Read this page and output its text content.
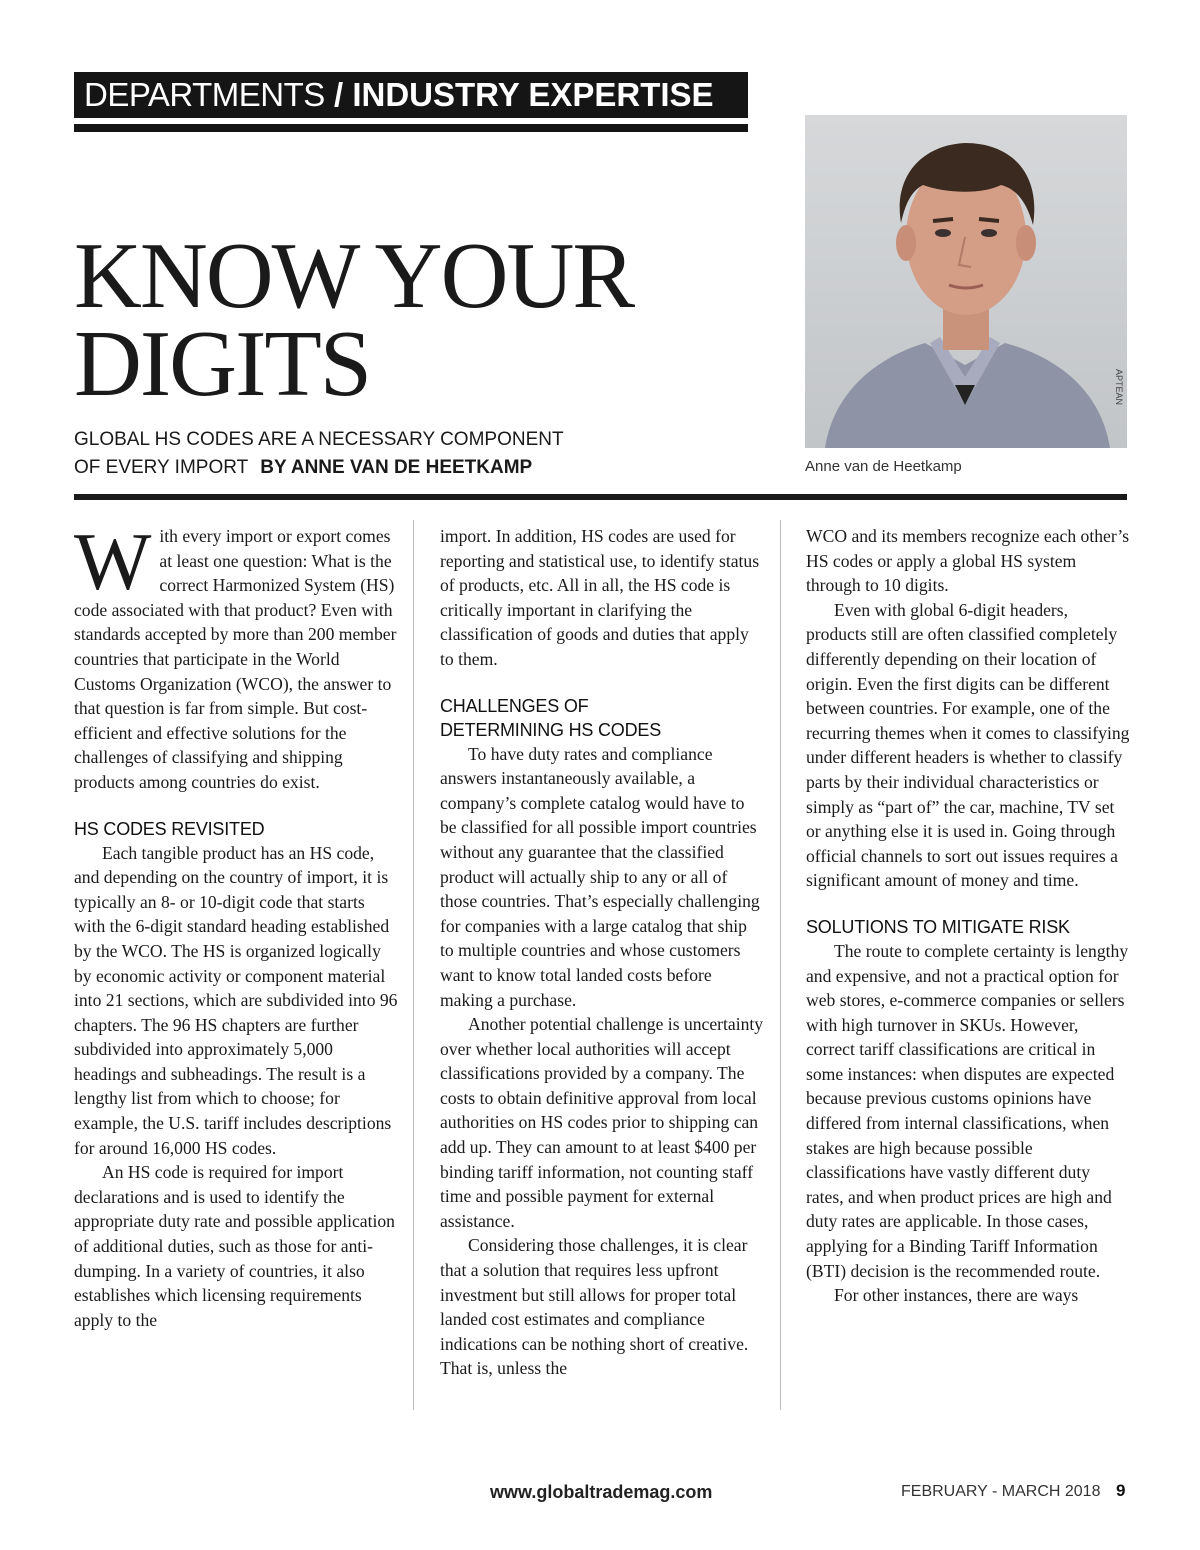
DEPARTMENTS / INDUSTRY EXPERTISE
KNOW YOUR
DIGITS
GLOBAL HS CODES ARE A NECESSARY COMPONENT
OF EVERY IMPORT BY ANNE VAN DE HEETKAMP
APTEAN
Anne van de Heetkamp

With every import or export comes at least one question: What is the correct Harmonized System (HS) code associated with that product? Even with standards accepted by more than 200 member countries that participate in the World Customs Organization (WCO), the answer to that question is far from simple. But cost-efficient and effective solutions for the challenges of classifying and shipping products among countries do exist.

HS CODES REVISITED

Each tangible product has an HS code, and depending on the country of import, it is typically an 8- or 10-digit code that starts with the 6-digit standard heading established by the WCO. The HS is organized logically by economic activity or component material into 21 sections, which are subdivided into 96 chapters. The 96 HS chapters are further subdivided into approximately 5,000 headings and subheadings. The result is a lengthy list from which to choose; for example, the U.S. tariff includes descriptions for around 16,000 HS codes.

An HS code is required for import declarations and is used to identify the appropriate duty rate and possible application of additional duties, such as those for anti-dumping. In a variety of countries, it also establishes which licensing requirements apply to the

import. In addition, HS codes are used for reporting and statistical use, to identify status of products, etc. All in all, the HS code is critically important in clarifying the classification of goods and duties that apply to them.

CHALLENGES OF DETERMINING HS CODES

To have duty rates and compliance answers instantaneously available, a company’s complete catalog would have to be classified for all possible import countries without any guarantee that the classified product will actually ship to any or all of those countries. That’s especially challenging for companies with a large catalog that ship to multiple countries and whose customers want to know total landed costs before making a purchase.

Another potential challenge is uncertainty over whether local authorities will accept classifications provided by a company. The costs to obtain definitive approval from local authorities on HS codes prior to shipping can add up. They can amount to at least $400 per binding tariff information, not counting staff time and possible payment for external assistance.

Considering those challenges, it is clear that a solution that requires less upfront investment but still allows for proper total landed cost estimates and compliance indications can be nothing short of creative. That is, unless the

WCO and its members recognize each other’s HS codes or apply a global HS system through to 10 digits.

Even with global 6-digit headers, products still are often classified completely differently depending on their location of origin. Even the first digits can be different between countries. For example, one of the recurring themes when it comes to classifying under different headers is whether to classify parts by their individual characteristics or simply as “part of” the car, machine, TV set or anything else it is used in. Going through official channels to sort out issues requires a significant amount of money and time.

SOLUTIONS TO MITIGATE RISK

The route to complete certainty is lengthy and expensive, and not a practical option for web stores, e-commerce companies or sellers with high turnover in SKUs. However, correct tariff classifications are critical in some instances: when disputes are expected because previous customs opinions have differed from internal classifications, when stakes are high because possible classifications have vastly different duty rates, and when product prices are high and duty rates are applicable. In those cases, applying for a Binding Tariff Information (BTI) decision is the recommended route.

For other instances, there are ways

www.globaltrademag.com	FEBRUARY - MARCH 2018 9
